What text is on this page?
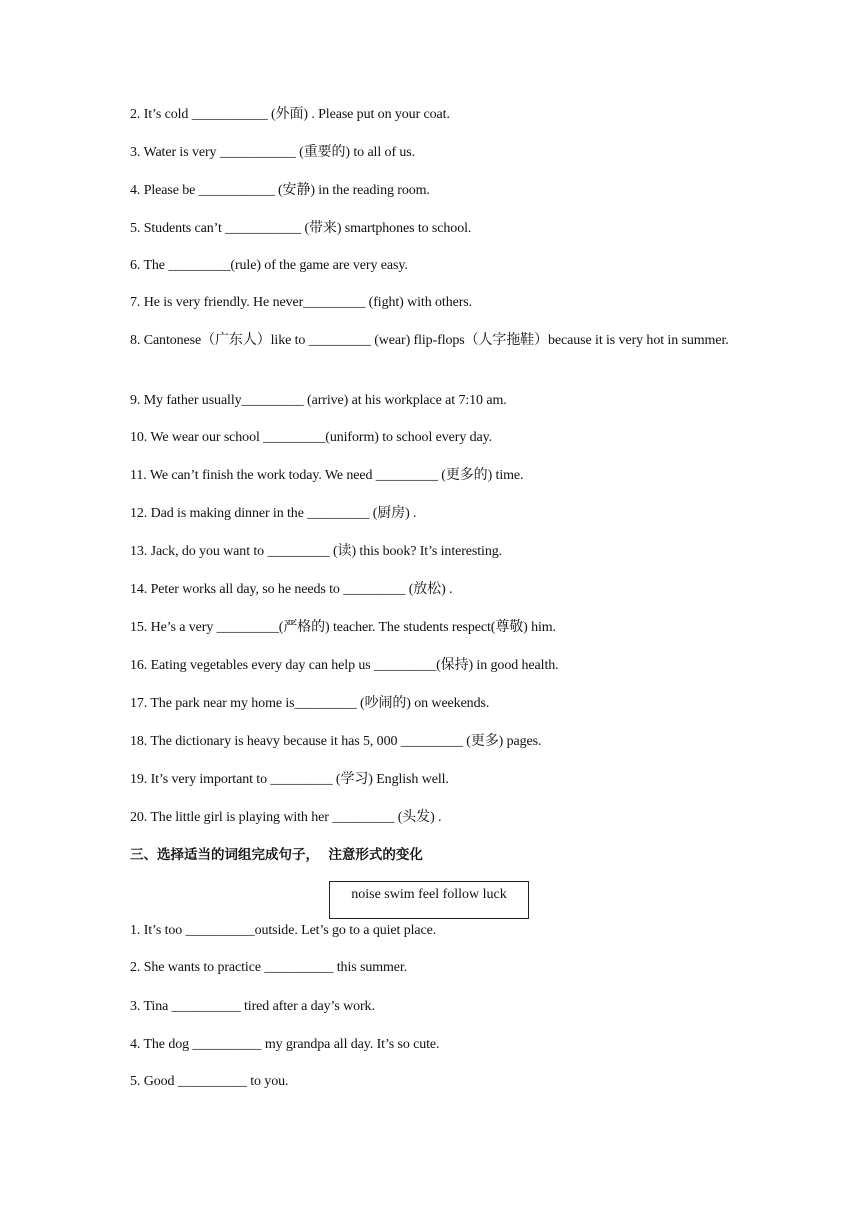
2. It’s cold ___________ (外面) . Please put on your coat.
3. Water is very ___________ (重要的) to all of us.
4. Please be ___________ (安静) in the reading room.
5. Students can’t ___________ (带来) smartphones to school.
6. The _________(rule) of the game are very easy.
7. He is very friendly. He never_________ (fight) with others.
8. Cantonese（广东人）like to _________ (wear) flip-flops（人字拖鞋）because it is very hot in summer.
9. My father usually_________ (arrive) at his workplace at 7:10 am.
10. We wear our school _________(uniform) to school every day.
11. We can’t finish the work today. We need _________ (更多的) time.
12. Dad is making dinner in the _________ (厨房) .
13. Jack, do you want to _________ (读) this book? It’s interesting.
14. Peter works all day, so he needs to _________ (放松) .
15. He’s a very _________(严格的) teacher. The students respect(尊敬) him.
16. Eating vegetables every day can help us _________(保持) in good health.
17. The park near my home is_________ (吵闹的) on weekends.
18. The dictionary is heavy because it has 5, 000 _________ (更多) pages.
19. It’s very important to _________ (学习) English well.
20. The little girl is playing with her _________ (头发) .
三、选择适当的词组完成句子，  注意形式的变化
noise swim feel follow luck
1. It’s too __________outside. Let’s go to a quiet place.
2. She wants to practice __________ this summer.
3. Tina __________ tired after a day’s work.
4. The dog __________ my grandpa all day. It’s so cute.
5. Good __________ to you.
